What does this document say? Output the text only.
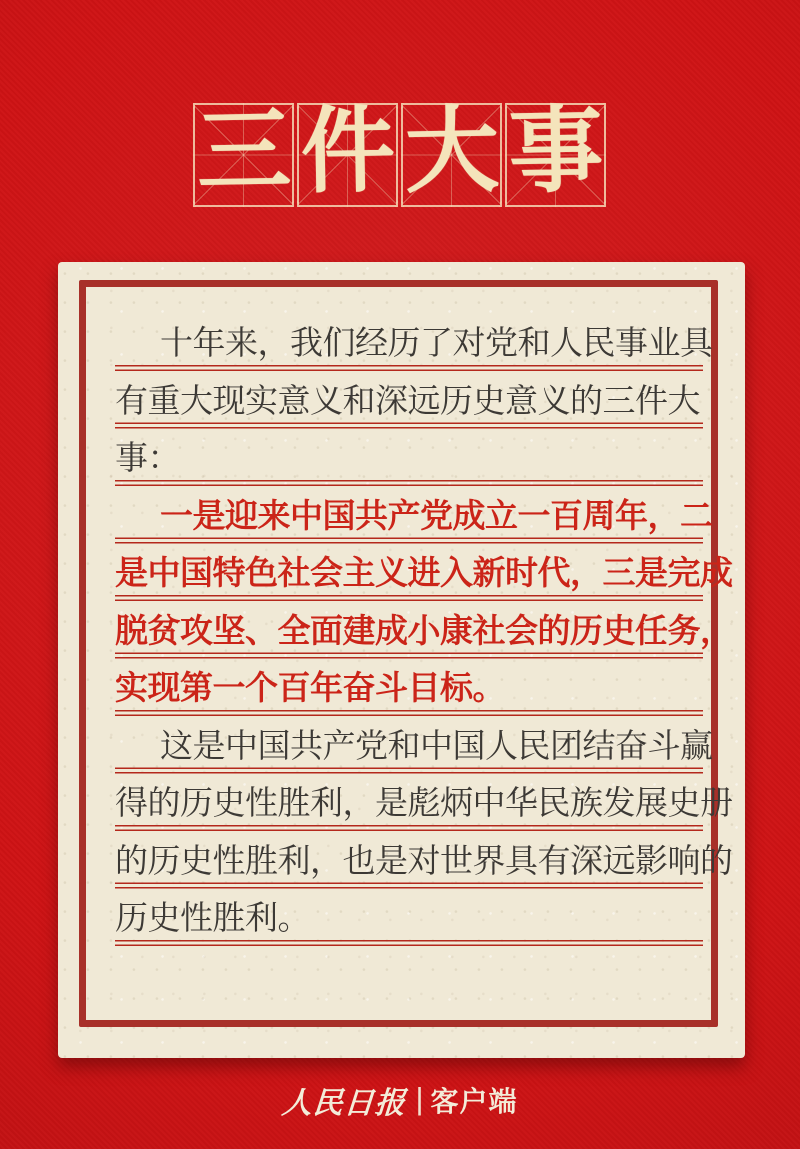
三 件 大 事
十年来，我们经历了对党和人民事业具
有重大现实意义和深远历史意义的三件大
事：
一是迎来中国共产党成立一百周年，二
是中国特色社会主义进入新时代，三是完成
脱贫攻坚、全面建成小康社会的历史任务，
实现第一个百年奋斗目标。
这是中国共产党和中国人民团结奋斗赢
得的历史性胜利，是彪炳中华民族发展史册
的历史性胜利，也是对世界具有深远影响的
历史性胜利。
人民日报 | 客户端
